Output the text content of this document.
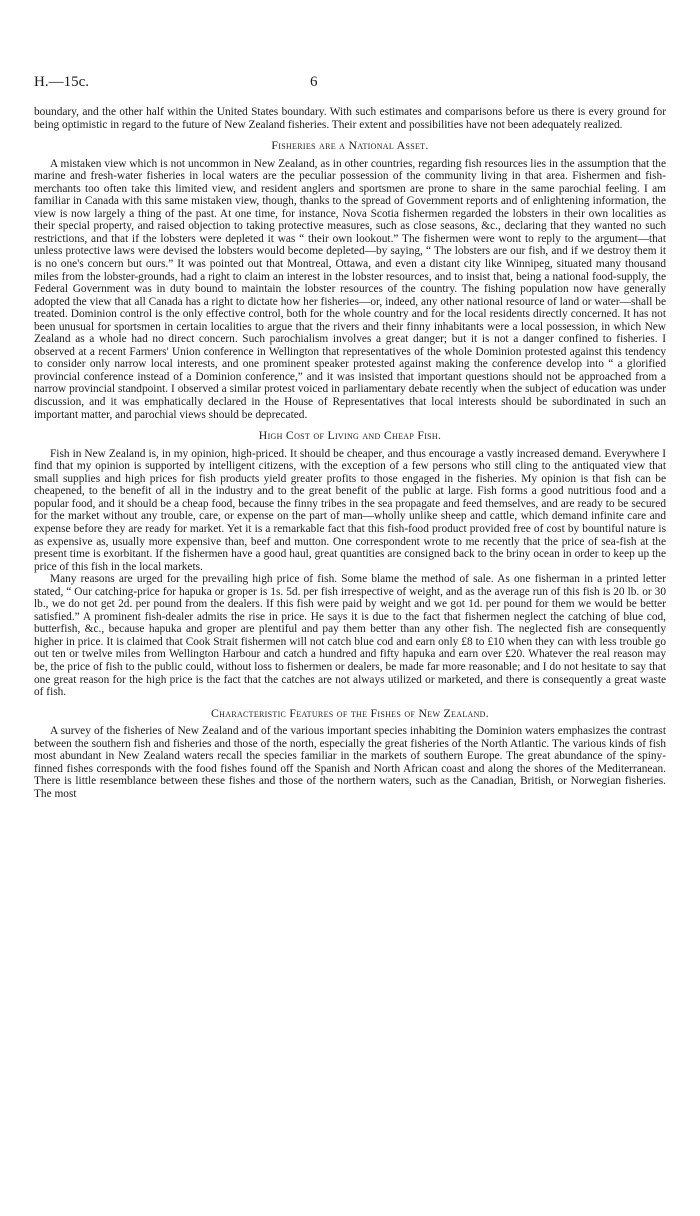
H.—15c.	6

boundary, and the other half within the United States boundary. With such estimates and comparisons before us there is every ground for being optimistic in regard to the future of New Zealand fisheries. Their extent and possibilities have not been adequately realized.

Fisheries are a National Asset.

A mistaken view which is not uncommon in New Zealand, as in other countries, regarding fish resources lies in the assumption that the marine and fresh-water fisheries in local waters are the peculiar possession of the community living in that area. Fishermen and fish-merchants too often take this limited view, and resident anglers and sportsmen are prone to share in the same parochial feeling. I am familiar in Canada with this same mistaken view, though, thanks to the spread of Government reports and of enlightening information, the view is now largely a thing of the past. At one time, for instance, Nova Scotia fishermen regarded the lobsters in their own localities as their special property, and raised objection to taking protective measures, such as close seasons, &c., declaring that they wanted no such restrictions, and that if the lobsters were depleted it was “ their own lookout.” The fishermen were wont to reply to the argument—that unless protective laws were devised the lobsters would become depleted—by saying, “ The lobsters are our fish, and if we destroy them it is no one's concern but ours.” It was pointed out that Montreal, Ottawa, and even a distant city like Winnipeg, situated many thousand miles from the lobster-grounds, had a right to claim an interest in the lobster resources, and to insist that, being a national food-supply, the Federal Government was in duty bound to maintain the lobster resources of the country. The fishing population now have generally adopted the view that all Canada has a right to dictate how her fisheries—or, indeed, any other national resource of land or water—shall be treated. Dominion control is the only effective control, both for the whole country and for the local residents directly concerned. It has not been unusual for sportsmen in certain localities to argue that the rivers and their finny inhabitants were a local possession, in which New Zealand as a whole had no direct concern. Such parochialism involves a great danger; but it is not a danger confined to fisheries. I observed at a recent Farmers' Union conference in Wellington that representatives of the whole Dominion protested against this tendency to consider only narrow local interests, and one prominent speaker protested against making the conference develop into “ a glorified provincial conference instead of a Dominion conference,” and it was insisted that important questions should not be approached from a narrow provincial standpoint. I observed a similar protest voiced in parliamentary debate recently when the subject of education was under discussion, and it was emphatically declared in the House of Representatives that local interests should be subordinated in such an important matter, and parochial views should be deprecated.

High Cost of Living and Cheap Fish.

Fish in New Zealand is, in my opinion, high-priced. It should be cheaper, and thus encourage a vastly increased demand. Everywhere I find that my opinion is supported by intelligent citizens, with the exception of a few persons who still cling to the antiquated view that small supplies and high prices for fish products yield greater profits to those engaged in the fisheries. My opinion is that fish can be cheapened, to the benefit of all in the industry and to the great benefit of the public at large. Fish forms a good nutritious food and a popular food, and it should be a cheap food, because the finny tribes in the sea propagate and feed themselves, and are ready to be secured for the market without any trouble, care, or expense on the part of man—wholly unlike sheep and cattle, which demand infinite care and expense before they are ready for market. Yet it is a remarkable fact that this fish-food product provided free of cost by bountiful nature is as expensive as, usually more expensive than, beef and mutton. One correspondent wrote to me recently that the price of sea-fish at the present time is exorbitant. If the fishermen have a good haul, great quantities are consigned back to the briny ocean in order to keep up the price of this fish in the local markets.

Many reasons are urged for the prevailing high price of fish. Some blame the method of sale. As one fisherman in a printed letter stated, “ Our catching-price for hapuka or groper is 1s. 5d. per fish irrespective of weight, and as the average run of this fish is 20 lb. or 30 lb., we do not get 2d. per pound from the dealers. If this fish were paid by weight and we got 1d. per pound for them we would be better satisfied.” A prominent fish-dealer admits the rise in price. He says it is due to the fact that fishermen neglect the catching of blue cod, butterfish, &c., because hapuka and groper are plentiful and pay them better than any other fish. The neglected fish are consequently higher in price. It is claimed that Cook Strait fishermen will not catch blue cod and earn only £8 to £10 when they can with less trouble go out ten or twelve miles from Wellington Harbour and catch a hundred and fifty hapuka and earn over £20. Whatever the real reason may be, the price of fish to the public could, without loss to fishermen or dealers, be made far more reasonable; and I do not hesitate to say that one great reason for the high price is the fact that the catches are not always utilized or marketed, and there is consequently a great waste of fish.

Characteristic Features of the Fishes of New Zealand.

A survey of the fisheries of New Zealand and of the various important species inhabiting the Dominion waters emphasizes the contrast between the southern fish and fisheries and those of the north, especially the great fisheries of the North Atlantic. The various kinds of fish most abundant in New Zealand waters recall the species familiar in the markets of southern Europe. The great abundance of the spiny-finned fishes corresponds with the food fishes found off the Spanish and North African coast and along the shores of the Mediterranean. There is little resemblance between these fishes and those of the northern waters, such as the Canadian, British, or Norwegian fisheries. The most
